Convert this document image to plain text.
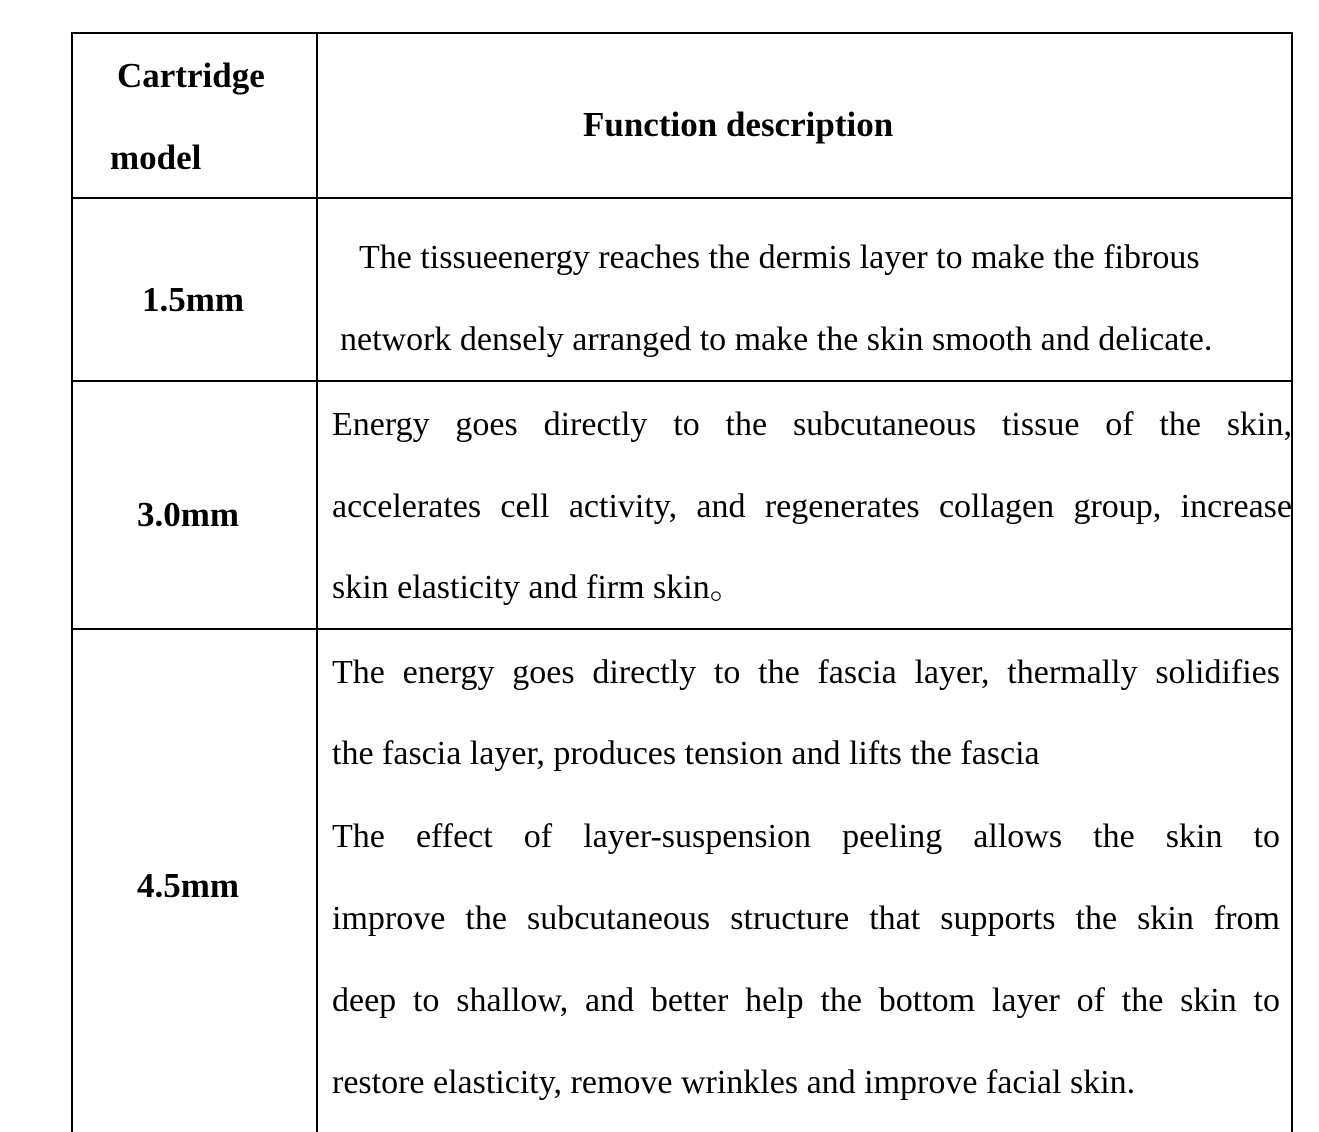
Cartridge
model
Function description
1.5mm
The tissueenergy reaches the dermis layer to make the fibrous
network densely arranged to make the skin smooth and delicate.
3.0mm
Energy goes directly to the subcutaneous tissue of the skin,
accelerates cell activity, and regenerates collagen group, increase
skin elasticity and firm skin。
4.5mm
The energy goes directly to the fascia layer, thermally solidifies
the fascia layer, produces tension and lifts the fascia
The effect of layer-suspension peeling allows the skin to
improve the subcutaneous structure that supports the skin from
deep to shallow, and better help the bottom layer of the skin to
restore elasticity, remove wrinkles and improve facial skin.
